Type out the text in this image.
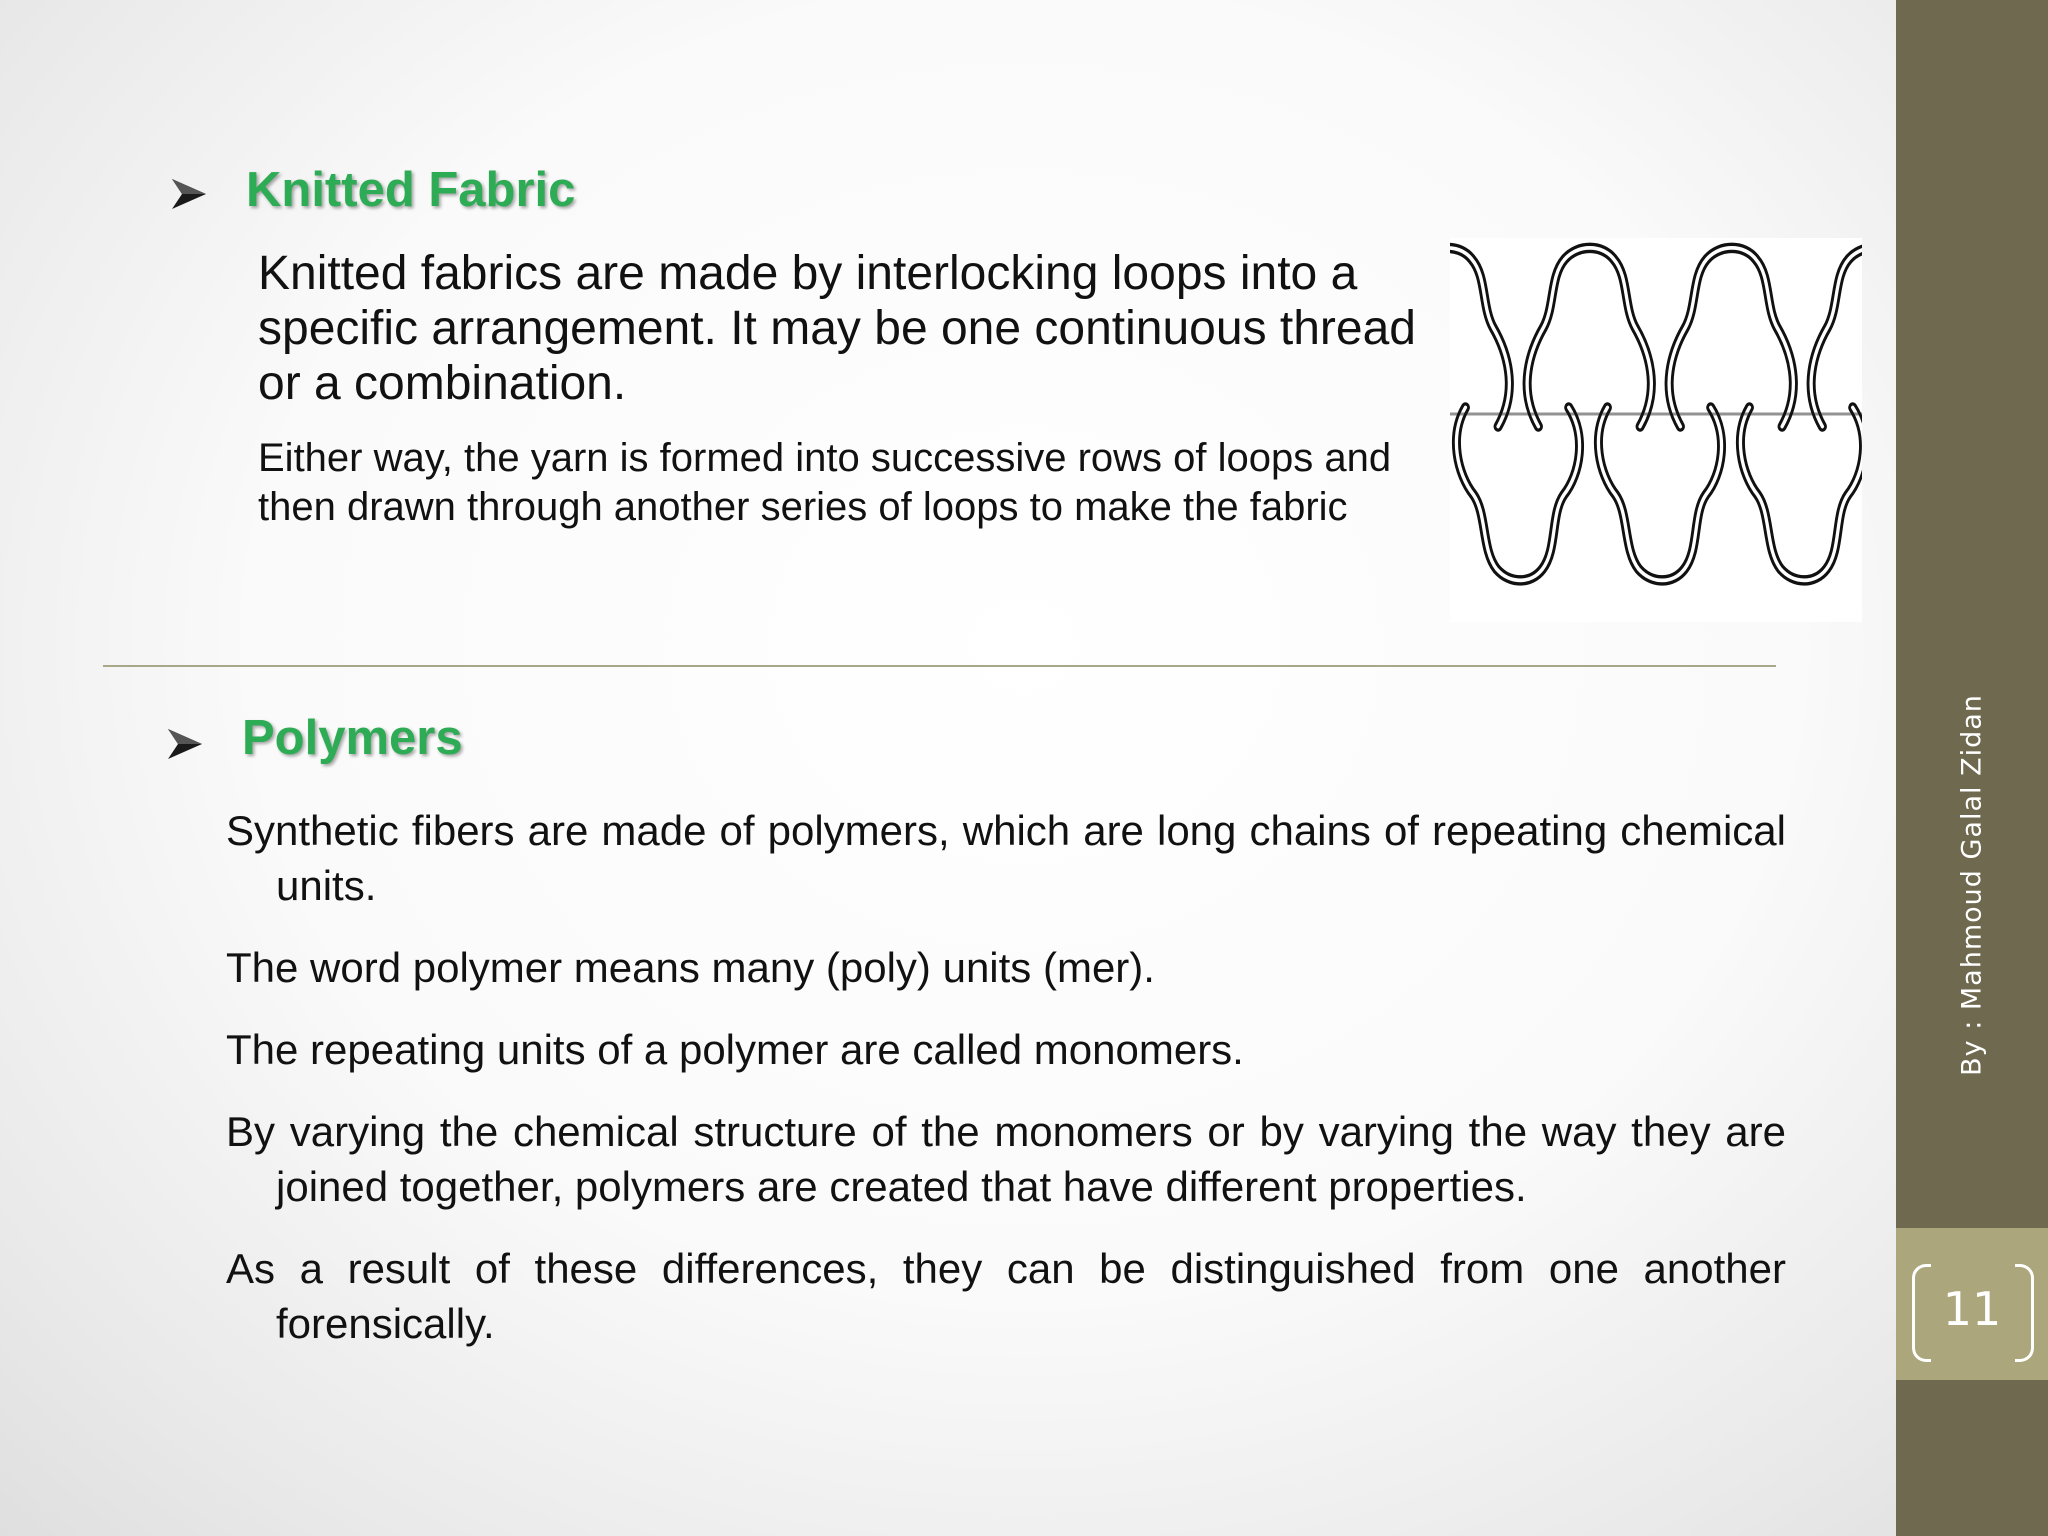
Knitted Fabric
Knitted fabrics are made by interlocking loops into a specific arrangement. It may be one continuous thread or a combination.
Either way, the yarn is formed into successive rows of loops and then drawn through another series of loops to make the fabric
Polymers

Synthetic fibers are made of polymers, which are long chains of repeating chemical units.

The word polymer means many (poly) units (mer).

The repeating units of a polymer are called monomers.

By varying the chemical structure of the monomers or by varying the way they are joined together, polymers are created that have different properties.

As a result of these differences, they can be distinguished from one another forensically.

By : Mahmoud Galal Zidan
11
